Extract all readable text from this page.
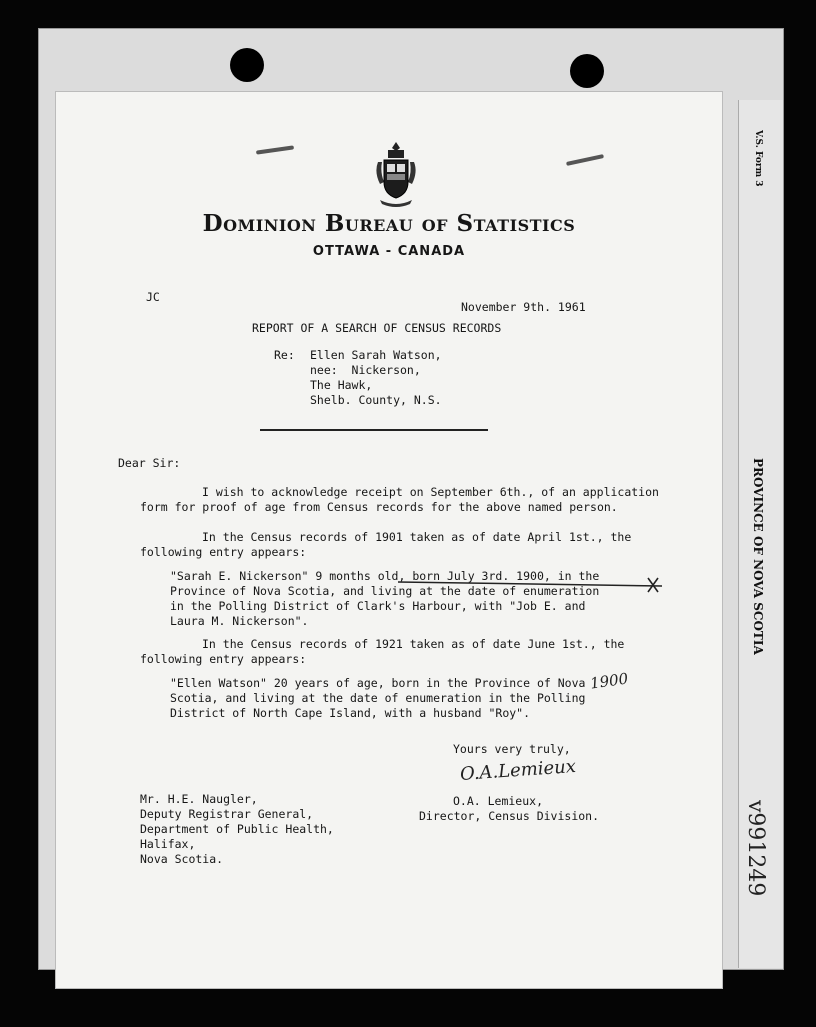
V.S. Form 3
PROVINCE OF NOVA SCOTIA
v991249
Dominion Bureau of Statistics
OTTAWA - CANADA
JC
November 9th. 1961
REPORT OF A SEARCH OF CENSUS RECORDS
Re: Ellen Sarah Watson,
nee:  Nickerson,
The Hawk,
Shelb. County, N.S.
Dear Sir:
I wish to acknowledge receipt on September 6th., of an application
form for proof of age from Census records for the above named person.
In the Census records of 1901 taken as of date April 1st., the
following entry appears:
"Sarah E. Nickerson" 9 months old, born July 3rd. 1900, in the
Province of Nova Scotia, and living at the date of enumeration
in the Polling District of Clark's Harbour, with "Job E. and
Laura M. Nickerson".
In the Census records of 1921 taken as of date June 1st., the
following entry appears:
"Ellen Watson" 20 years of age, born in the Province of Nova
Scotia, and living at the date of enumeration in the Polling
District of North Cape Island, with a husband "Roy".
1900
Yours very truly,
O.A.Lemieux
O.A. Lemieux,
Director, Census Division.
Mr. H.E. Naugler,
Deputy Registrar General,
Department of Public Health,
Halifax,
Nova Scotia.
